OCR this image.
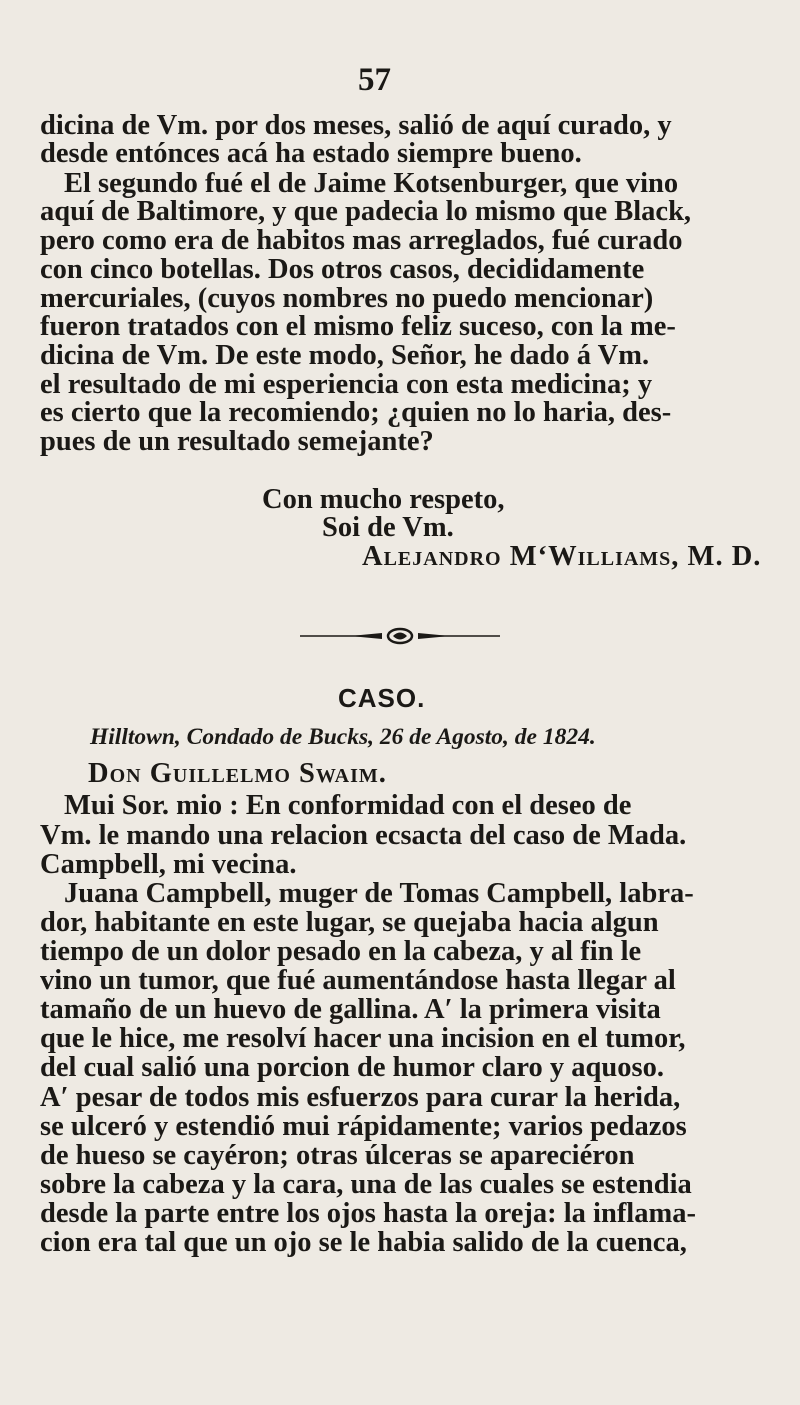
57
dicina de Vm. por dos meses, salió de aquí curado, y
desde entónces acá ha estado siempre bueno.
El segundo fué el de Jaime Kotsenburger, que vino
aquí de Baltimore, y que padecia lo mismo que Black,
pero como era de habitos mas arreglados, fué curado
con cinco botellas. Dos otros casos, decididamente
mercuriales, (cuyos nombres no puedo mencionar)
fueron tratados con el mismo feliz suceso, con la me-
dicina de Vm. De este modo, Señor, he dado á Vm.
el resultado de mi esperiencia con esta medicina; y
es cierto que la recomiendo; ¿quien no lo haria, des-
pues de un resultado semejante?
Con mucho respeto,
Soi de Vm.
Alejandro M‘Williams, M. D.
Don Guillelmo Swaim.
Mui Sor. mio : En conformidad con el deseo de
Vm. le mando una relacion ecsacta del caso de Mada.
Campbell, mi vecina.
Juana Campbell, muger de Tomas Campbell, labra-
dor, habitante en este lugar, se quejaba hacia algun
tiempo de un dolor pesado en la cabeza, y al fin le
vino un tumor, que fué aumentándose hasta llegar al
tamaño de un huevo de gallina. A′ la primera visita
que le hice, me resolví hacer una incision en el tumor,
del cual salió una porcion de humor claro y aquoso.
A′ pesar de todos mis esfuerzos para curar la herida,
se ulceró y estendió mui rápidamente; varios pedazos
de hueso se cayéron; otras úlceras se apareciéron
sobre la cabeza y la cara, una de las cuales se estendia
desde la parte entre los ojos hasta la oreja: la inflama-
cion era tal que un ojo se le habia salido de la cuenca,
CASO.
Hilltown, Condado de Bucks, 26 de Agosto, de 1824.
